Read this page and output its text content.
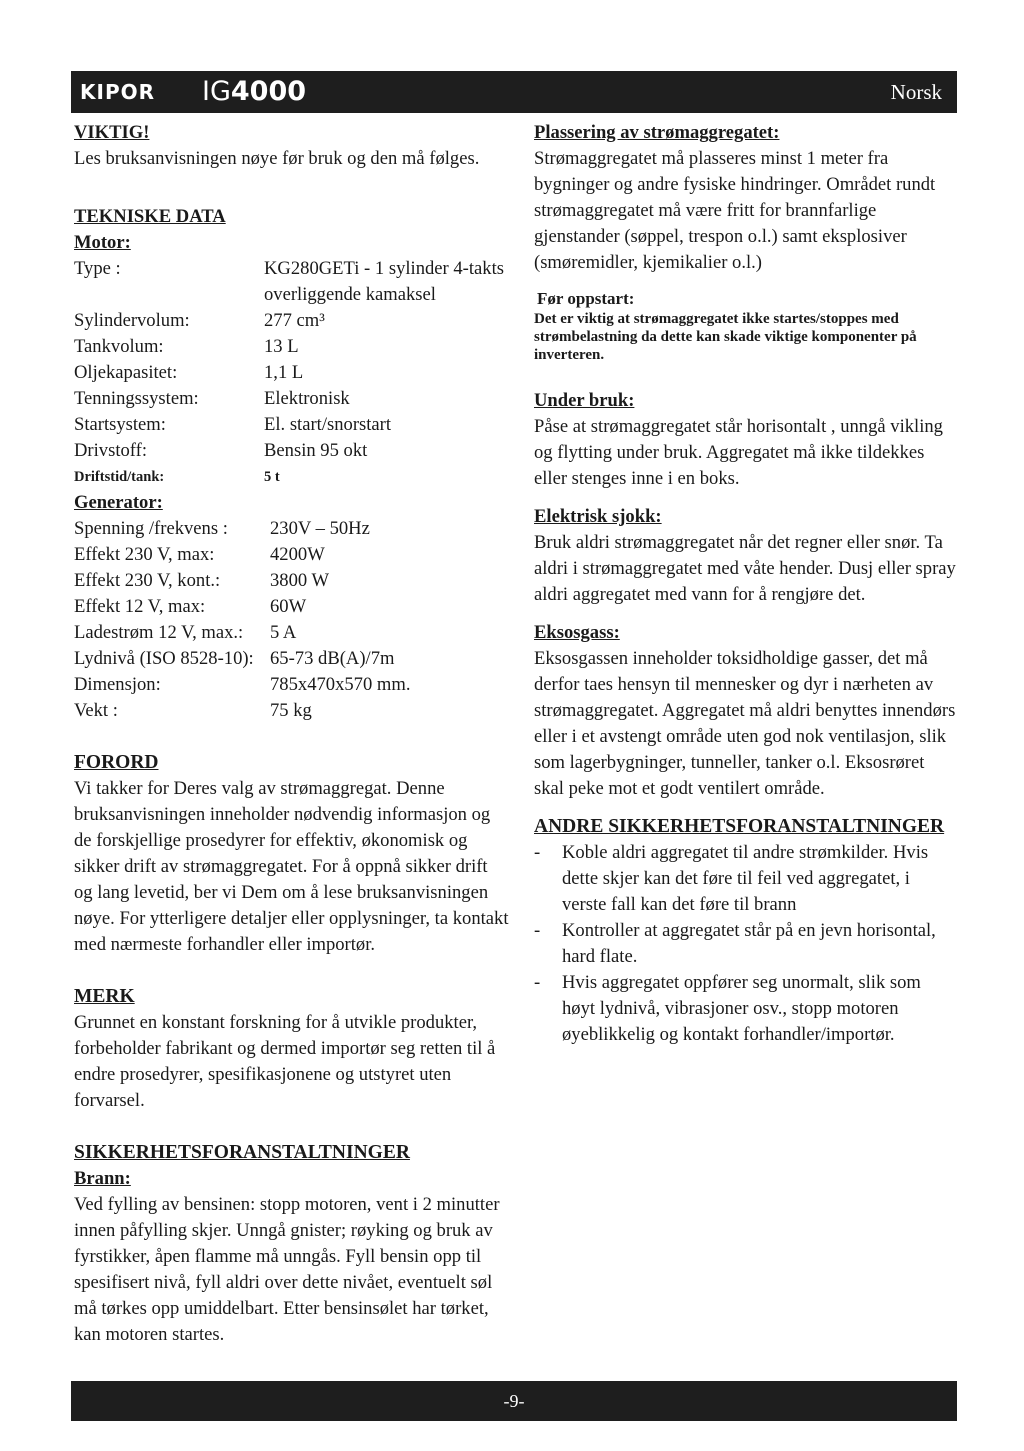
KIPOR IG4000	Norsk

VIKTIG!

Les bruksanvisningen nøye før bruk og den må følges.

TEKNISKE DATA

Motor:

Type :	KG280GETi - 1 sylinder 4-takts
overliggende kamaksel
Sylindervolum:	277 cm³
Tankvolum:	13 L
Oljekapasitet:	1,1 L
Tenningssystem:	Elektronisk
Startsystem:	El. start/snorstart
Drivstoff:	Bensin 95 okt
Driftstid/tank:	5 t

Generator:

Spenning /frekvens :	230V – 50Hz
Effekt 230 V, max:	4200W
Effekt 230 V, kont.:	3800 W
Effekt 12 V, max:	60W
Ladestrøm 12 V, max.:	5 A
Lydnivå (ISO 8528-10): 65-73 dB(A)/7m
Dimensjon:	785x470x570 mm.
Vekt :	75 kg

FORORD

Vi takker for Deres valg av strømaggregat. Denne bruksanvisningen inneholder nødvendig informasjon og de forskjellige prosedyrer for effektiv, økonomisk og sikker drift av strømaggregatet. For å oppnå sikker drift og lang levetid, ber vi Dem om å lese bruksanvisningen nøye. For ytterligere detaljer eller opplysninger, ta kontakt med nærmeste forhandler eller importør.

MERK

Grunnet en konstant forskning for å utvikle produkter, forbeholder fabrikant og dermed importør seg retten til å endre prosedyrer, spesifikasjonene og utstyret uten forvarsel.

SIKKERHETSFORANSTALTNINGER

Brann:

Ved fylling av bensinen: stopp motoren, vent i 2 minutter innen påfylling skjer. Unngå gnister; røyking og bruk av fyrstikker, åpen flamme må unngås. Fyll bensin opp til spesifisert nivå, fyll aldri over dette nivået, eventuelt søl må tørkes opp umiddelbart. Etter bensinsølet har tørket, kan motoren startes.

Plassering av strømaggregatet:

Strømaggregatet må plasseres minst 1 meter fra bygninger og andre fysiske hindringer. Området rundt strømaggregatet må være fritt for brannfarlige gjenstander (søppel, trespon o.l.) samt eksplosiver (smøremidler, kjemikalier o.l.)

Før oppstart:

Det er viktig at strømaggregatet ikke startes/stoppes med strømbelastning da dette kan skade viktige komponenter på inverteren.

Under bruk:

Påse at strømaggregatet står horisontalt , unngå vikling og flytting under bruk. Aggregatet må ikke tildekkes eller stenges inne i en boks.

Elektrisk sjokk:

Bruk aldri strømaggregatet når det regner eller snør. Ta aldri i strømaggregatet med våte hender. Dusj eller spray aldri aggregatet med vann for å rengjøre det.

Eksosgass:

Eksosgassen inneholder toksidholdige gasser, det må derfor taes hensyn til mennesker og dyr i nærheten av strømaggregatet. Aggregatet må aldri benyttes innendørs eller i et avstengt område uten god nok ventilasjon, slik som lagerbygninger, tunneller, tanker o.l. Eksosrøret skal peke mot et godt ventilert område.

ANDRE SIKKERHETSFORANSTALTNINGER

- Koble aldri aggregatet til andre strømkilder. Hvis dette skjer kan det føre til feil ved aggregatet, i verste fall kan det føre til brann
- Kontroller at aggregatet står på en jevn horisontal, hard flate.
- Hvis aggregatet oppfører seg unormalt, slik som høyt lydnivå, vibrasjoner osv., stopp motoren øyeblikkelig og kontakt forhandler/importør.
-9-
